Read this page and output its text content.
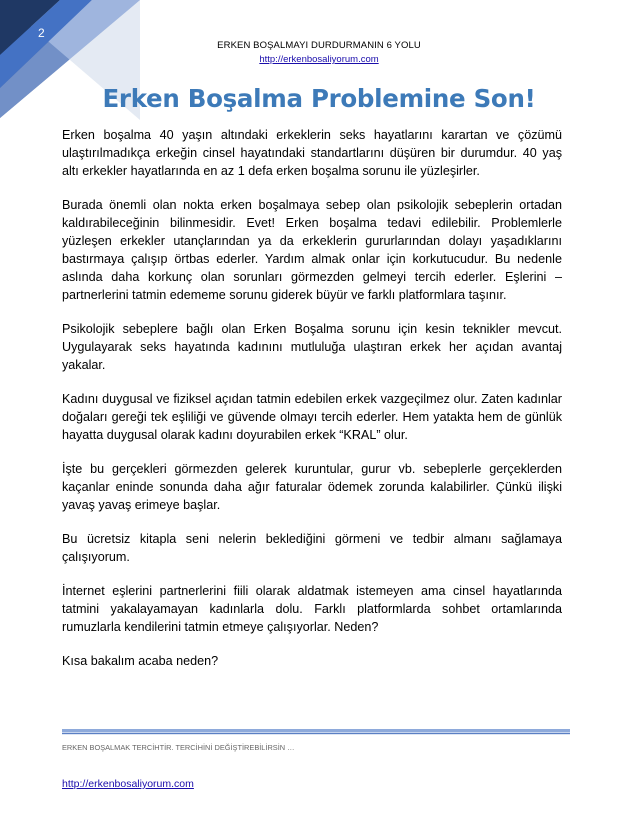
2
ERKEN BOŞALMAYI DURDURMANIN 6 YOLU
http://erkenbosaliyorum.com
Erken Boşalma Problemine Son!

Erken boşalma 40 yaşın altındaki erkeklerin seks hayatlarını karartan ve çözümü ulaştırılmadıkça erkeğin cinsel hayatındaki standartlarını düşüren bir durumdur. 40 yaş altı erkekler hayatlarında en az 1 defa erken boşalma sorunu ile yüzleşirler.

Burada önemli olan nokta erken boşalmaya sebep olan psikolojik sebeplerin ortadan kaldırabileceğinin bilinmesidir. Evet! Erken boşalma tedavi edilebilir. Problemlerle yüzleşen erkekler utançlarından ya da erkeklerin gururlarından dolayı yaşadıklarını bastırmaya çalışıp örtbas ederler. Yardım almak onlar için korkutucudur. Bu nedenle aslında daha korkunç olan sorunları görmezden gelmeyi tercih ederler. Eşlerini – partnerlerini tatmin edememe sorunu giderek büyür ve farklı platformlara taşınır.

Psikolojik sebeplere bağlı olan Erken Boşalma sorunu için kesin teknikler mevcut. Uygulayarak seks hayatında kadınını mutluluğa ulaştıran erkek her açıdan avantaj yakalar.

Kadını duygusal ve fiziksel açıdan tatmin edebilen erkek vazgeçilmez olur. Zaten kadınlar doğaları gereği tek eşliliği ve güvende olmayı tercih ederler. Hem yatakta hem de günlük hayatta duygusal olarak kadını doyurabilen erkek “KRAL” olur.

İşte bu gerçekleri görmezden gelerek kuruntular, gurur vb. sebeplerle gerçeklerden kaçanlar eninde sonunda daha ağır faturalar ödemek zorunda kalabilirler. Çünkü ilişki yavaş yavaş erimeye başlar.

Bu ücretsiz kitapla seni nelerin beklediğini görmeni ve tedbir almanı sağlamaya çalışıyorum.

İnternet eşlerini partnerlerini fiili olarak aldatmak istemeyen ama cinsel hayatlarında tatmini yakalayamayan kadınlarla dolu. Farklı platformlarda sohbet ortamlarında rumuzlarla kendilerini tatmin etmeye çalışıyorlar. Neden?

Kısa bakalım acaba neden?

ERKEN BOŞALMAK TERCİHTİR. TERCİHİNİ DEĞİŞTİREBİLİRSİN …
http://erkenbosaliyorum.com
